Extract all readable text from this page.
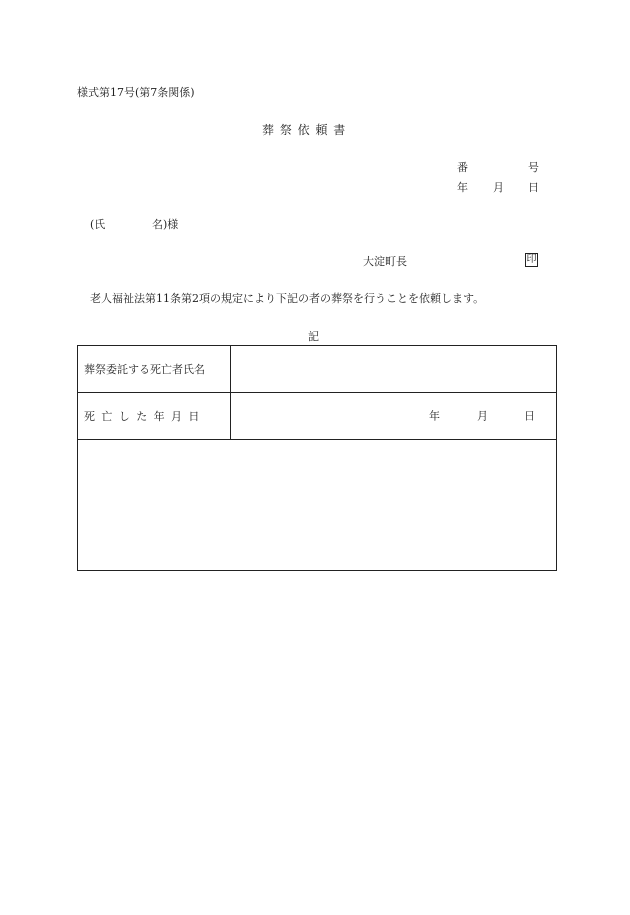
様式第17号(第7条関係)
葬 祭 依 頼 書
番	号
年 月 日
(氏	名)様
大淀町長	印
老人福祉法第11条第2項の規定により下記の者の葬祭を行うことを依頼します。
記
葬祭委託する死亡者氏名	
死亡した年月日	年 月 日
